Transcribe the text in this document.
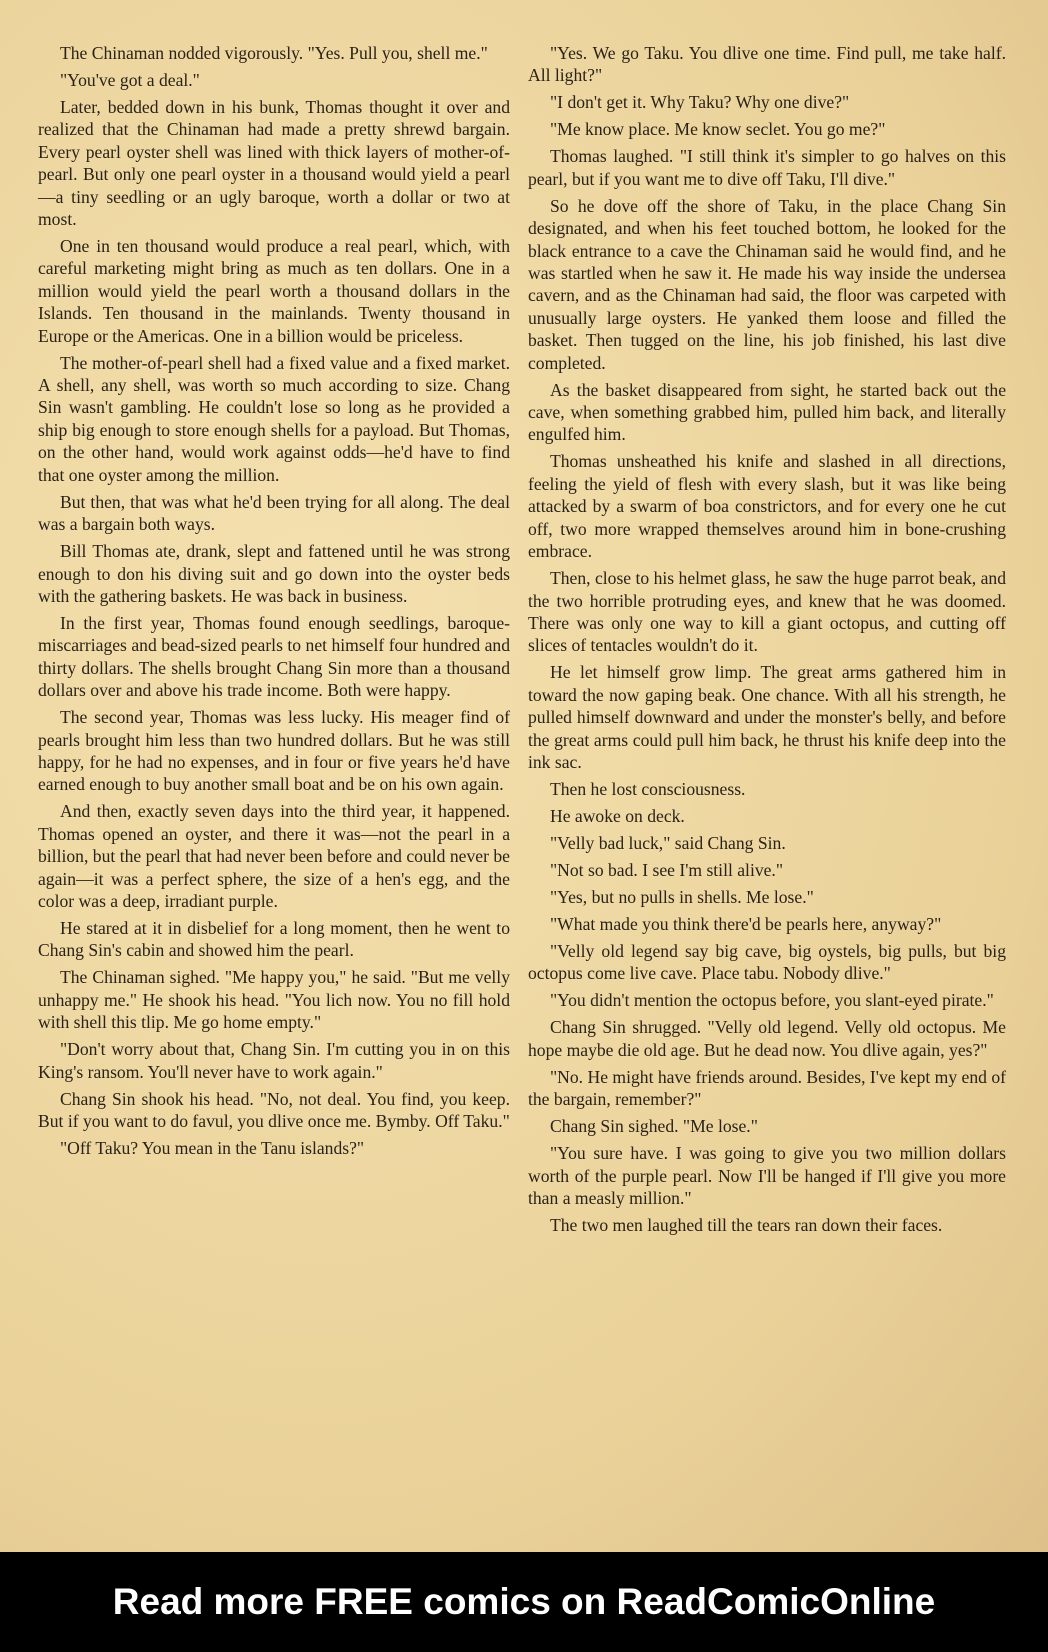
The Chinaman nodded vigorously. "Yes. Pull you, shell me."

"You've got a deal."

Later, bedded down in his bunk, Thomas thought it over and realized that the Chinaman had made a pretty shrewd bargain. Every pearl oyster shell was lined with thick layers of mother-of-pearl. But only one pearl oyster in a thousand would yield a pearl—a tiny seedling or an ugly baroque, worth a dollar or two at most.

One in ten thousand would produce a real pearl, which, with careful marketing might bring as much as ten dollars. One in a million would yield the pearl worth a thousand dollars in the Islands. Ten thousand in the mainlands. Twenty thousand in Europe or the Americas. One in a billion would be priceless.

The mother-of-pearl shell had a fixed value and a fixed market. A shell, any shell, was worth so much according to size. Chang Sin wasn't gambling. He couldn't lose so long as he provided a ship big enough to store enough shells for a payload. But Thomas, on the other hand, would work against odds—he'd have to find that one oyster among the million.

But then, that was what he'd been trying for all along. The deal was a bargain both ways.

Bill Thomas ate, drank, slept and fattened until he was strong enough to don his diving suit and go down into the oyster beds with the gathering baskets. He was back in business.

In the first year, Thomas found enough seedlings, baroque-miscarriages and bead-sized pearls to net himself four hundred and thirty dollars. The shells brought Chang Sin more than a thousand dollars over and above his trade income. Both were happy.

The second year, Thomas was less lucky. His meager find of pearls brought him less than two hundred dollars. But he was still happy, for he had no expenses, and in four or five years he'd have earned enough to buy another small boat and be on his own again.

And then, exactly seven days into the third year, it happened. Thomas opened an oyster, and there it was—not the pearl in a billion, but the pearl that had never been before and could never be again—it was a perfect sphere, the size of a hen's egg, and the color was a deep, irradiant purple.

He stared at it in disbelief for a long moment, then he went to Chang Sin's cabin and showed him the pearl.

The Chinaman sighed. "Me happy you," he said. "But me velly unhappy me." He shook his head. "You lich now. You no fill hold with shell this tlip. Me go home empty."

"Don't worry about that, Chang Sin. I'm cutting you in on this King's ransom. You'll never have to work again."

Chang Sin shook his head. "No, not deal. You find, you keep. But if you want to do favul, you dlive once me. Bymby. Off Taku."

"Off Taku? You mean in the Tanu islands?"

"Yes. We go Taku. You dlive one time. Find pull, me take half. All light?"

"I don't get it. Why Taku? Why one dive?"

"Me know place. Me know seclet. You go me?"

Thomas laughed. "I still think it's simpler to go halves on this pearl, but if you want me to dive off Taku, I'll dive."

So he dove off the shore of Taku, in the place Chang Sin designated, and when his feet touched bottom, he looked for the black entrance to a cave the Chinaman said he would find, and he was startled when he saw it. He made his way inside the undersea cavern, and as the Chinaman had said, the floor was carpeted with unusually large oysters. He yanked them loose and filled the basket. Then tugged on the line, his job finished, his last dive completed.

As the basket disappeared from sight, he started back out the cave, when something grabbed him, pulled him back, and literally engulfed him.

Thomas unsheathed his knife and slashed in all directions, feeling the yield of flesh with every slash, but it was like being attacked by a swarm of boa constrictors, and for every one he cut off, two more wrapped themselves around him in bone-crushing embrace.

Then, close to his helmet glass, he saw the huge parrot beak, and the two horrible protruding eyes, and knew that he was doomed. There was only one way to kill a giant octopus, and cutting off slices of tentacles wouldn't do it.

He let himself grow limp. The great arms gathered him in toward the now gaping beak. One chance. With all his strength, he pulled himself downward and under the monster's belly, and before the great arms could pull him back, he thrust his knife deep into the ink sac.

Then he lost consciousness.

He awoke on deck.

"Velly bad luck," said Chang Sin.

"Not so bad. I see I'm still alive."

"Yes, but no pulls in shells. Me lose."

"What made you think there'd be pearls here, anyway?"

"Velly old legend say big cave, big oystels, big pulls, but big octopus come live cave. Place tabu. Nobody dlive."

"You didn't mention the octopus before, you slant-eyed pirate."

Chang Sin shrugged. "Velly old legend. Velly old octopus. Me hope maybe die old age. But he dead now. You dlive again, yes?"

"No. He might have friends around. Besides, I've kept my end of the bargain, remember?"

Chang Sin sighed. "Me lose."

"You sure have. I was going to give you two million dollars worth of the purple pearl. Now I'll be hanged if I'll give you more than a measly million."

The two men laughed till the tears ran down their faces.

Read more FREE comics on ReadComicOnline
